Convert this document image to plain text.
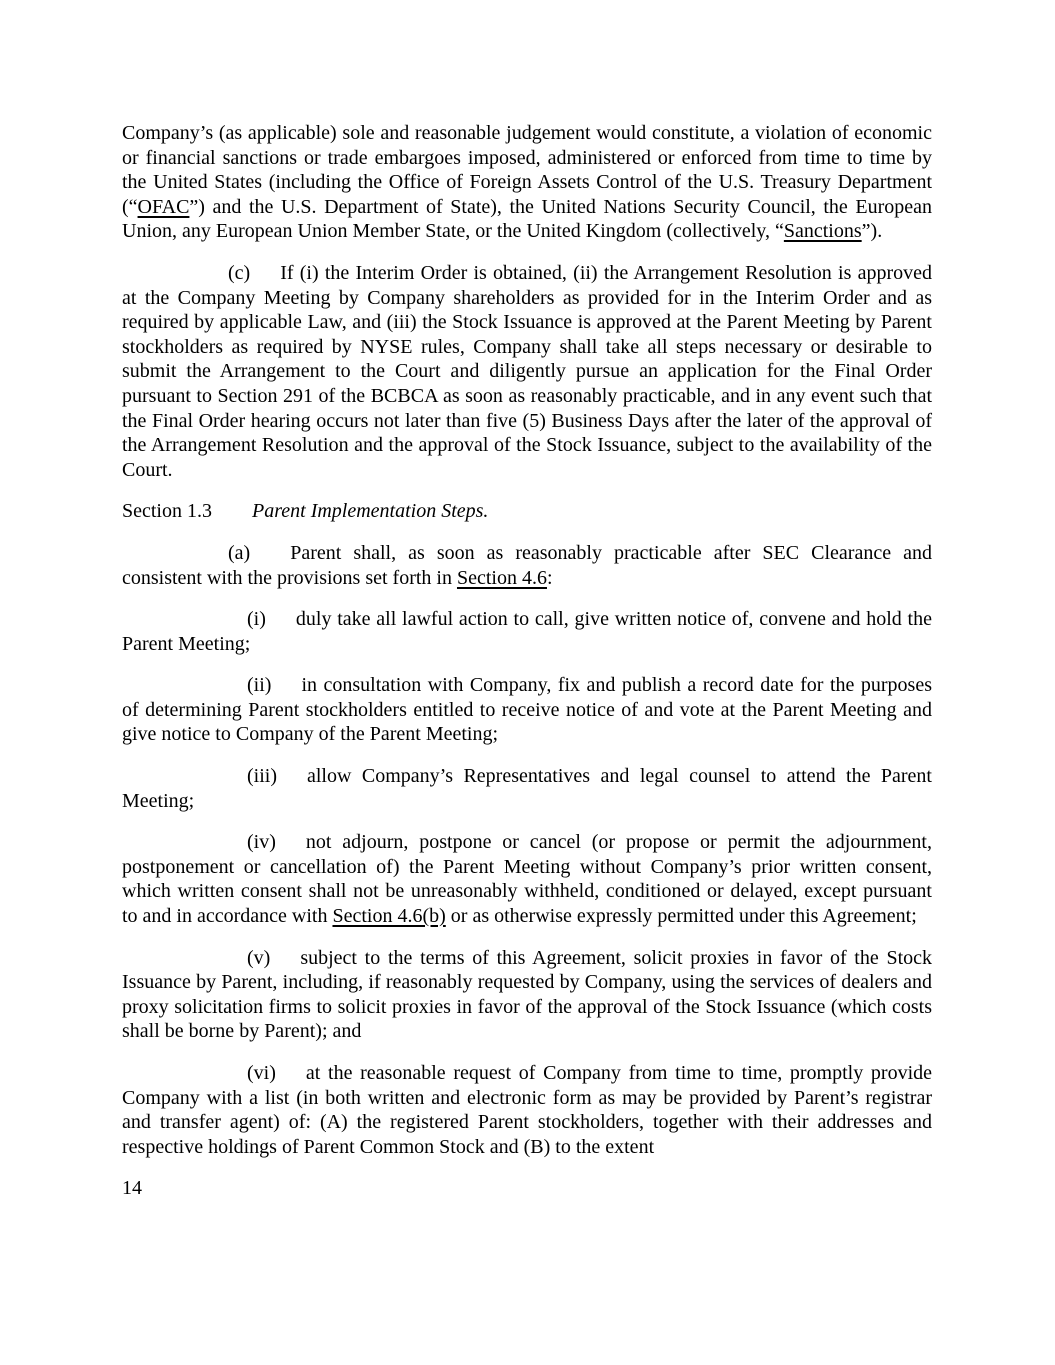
Company’s (as applicable) sole and reasonable judgement would constitute, a violation of economic or financial sanctions or trade embargoes imposed, administered or enforced from time to time by the United States (including the Office of Foreign Assets Control of the U.S. Treasury Department (“OFAC”) and the U.S. Department of State), the United Nations Security Council, the European Union, any European Union Member State, or the United Kingdom (collectively, “Sanctions”).

(c) If (i) the Interim Order is obtained, (ii) the Arrangement Resolution is approved at the Company Meeting by Company shareholders as provided for in the Interim Order and as required by applicable Law, and (iii) the Stock Issuance is approved at the Parent Meeting by Parent stockholders as required by NYSE rules, Company shall take all steps necessary or desirable to submit the Arrangement to the Court and diligently pursue an application for the Final Order pursuant to Section 291 of the BCBCA as soon as reasonably practicable, and in any event such that the Final Order hearing occurs not later than five (5) Business Days after the later of the approval of the Arrangement Resolution and the approval of the Stock Issuance, subject to the availability of the Court.

Section 1.3 Parent Implementation Steps.

(a) Parent shall, as soon as reasonably practicable after SEC Clearance and consistent with the provisions set forth in Section 4.6:

(i) duly take all lawful action to call, give written notice of, convene and hold the Parent Meeting;

(ii) in consultation with Company, fix and publish a record date for the purposes of determining Parent stockholders entitled to receive notice of and vote at the Parent Meeting and give notice to Company of the Parent Meeting;

(iii) allow Company’s Representatives and legal counsel to attend the Parent Meeting;

(iv) not adjourn, postpone or cancel (or propose or permit the adjournment, postponement or cancellation of) the Parent Meeting without Company’s prior written consent, which written consent shall not be unreasonably withheld, conditioned or delayed, except pursuant to and in accordance with Section 4.6(b) or as otherwise expressly permitted under this Agreement;

(v) subject to the terms of this Agreement, solicit proxies in favor of the Stock Issuance by Parent, including, if reasonably requested by Company, using the services of dealers and proxy solicitation firms to solicit proxies in favor of the approval of the Stock Issuance (which costs shall be borne by Parent); and

(vi) at the reasonable request of Company from time to time, promptly provide Company with a list (in both written and electronic form as may be provided by Parent’s registrar and transfer agent) of: (A) the registered Parent stockholders, together with their addresses and respective holdings of Parent Common Stock and (B) to the extent

14
